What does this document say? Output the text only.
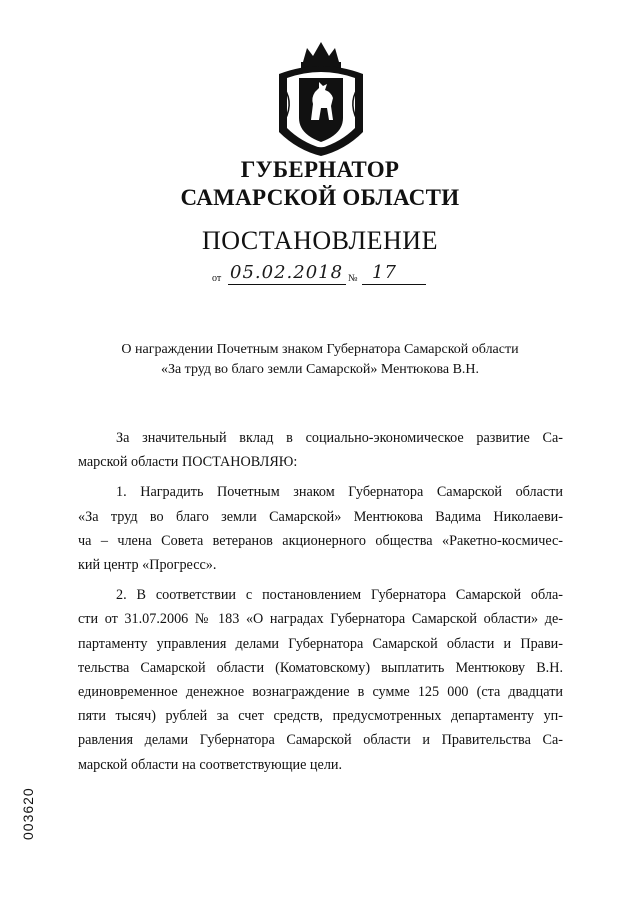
ГУБЕРНАТОР
САМАРСКОЙ ОБЛАСТИ
ПОСТАНОВЛЕНИЕ
от 05.02.2018 № 17
О награждении Почетным знаком Губернатора Самарской области
«За труд во благо земли Самарской» Ментюкова В.Н.

За значительный вклад в социально-экономическое развитие Са-

марской области ПОСТАНОВЛЯЮ:

1. Наградить Почетным знаком Губернатора Самарской области

«За труд во благо земли Самарской» Ментюкова Вадима Николаеви-

ча – члена Совета ветеранов акционерного общества «Ракетно-космичес-

кий центр «Прогресс».

2. В соответствии с постановлением Губернатора Самарской обла-

сти от 31.07.2006 № 183 «О наградах Губернатора Самарской области» де-

партаменту управления делами Губернатора Самарской области и Прави-

тельства Самарской области (Коматовскому) выплатить Ментюкову В.Н.

единовременное денежное вознаграждение в сумме 125 000 (ста двадцати

пяти тысяч) рублей за счет средств, предусмотренных департаменту уп-

равления делами Губернатора Самарской области и Правительства Са-

марской области на соответствующие цели.

003620
